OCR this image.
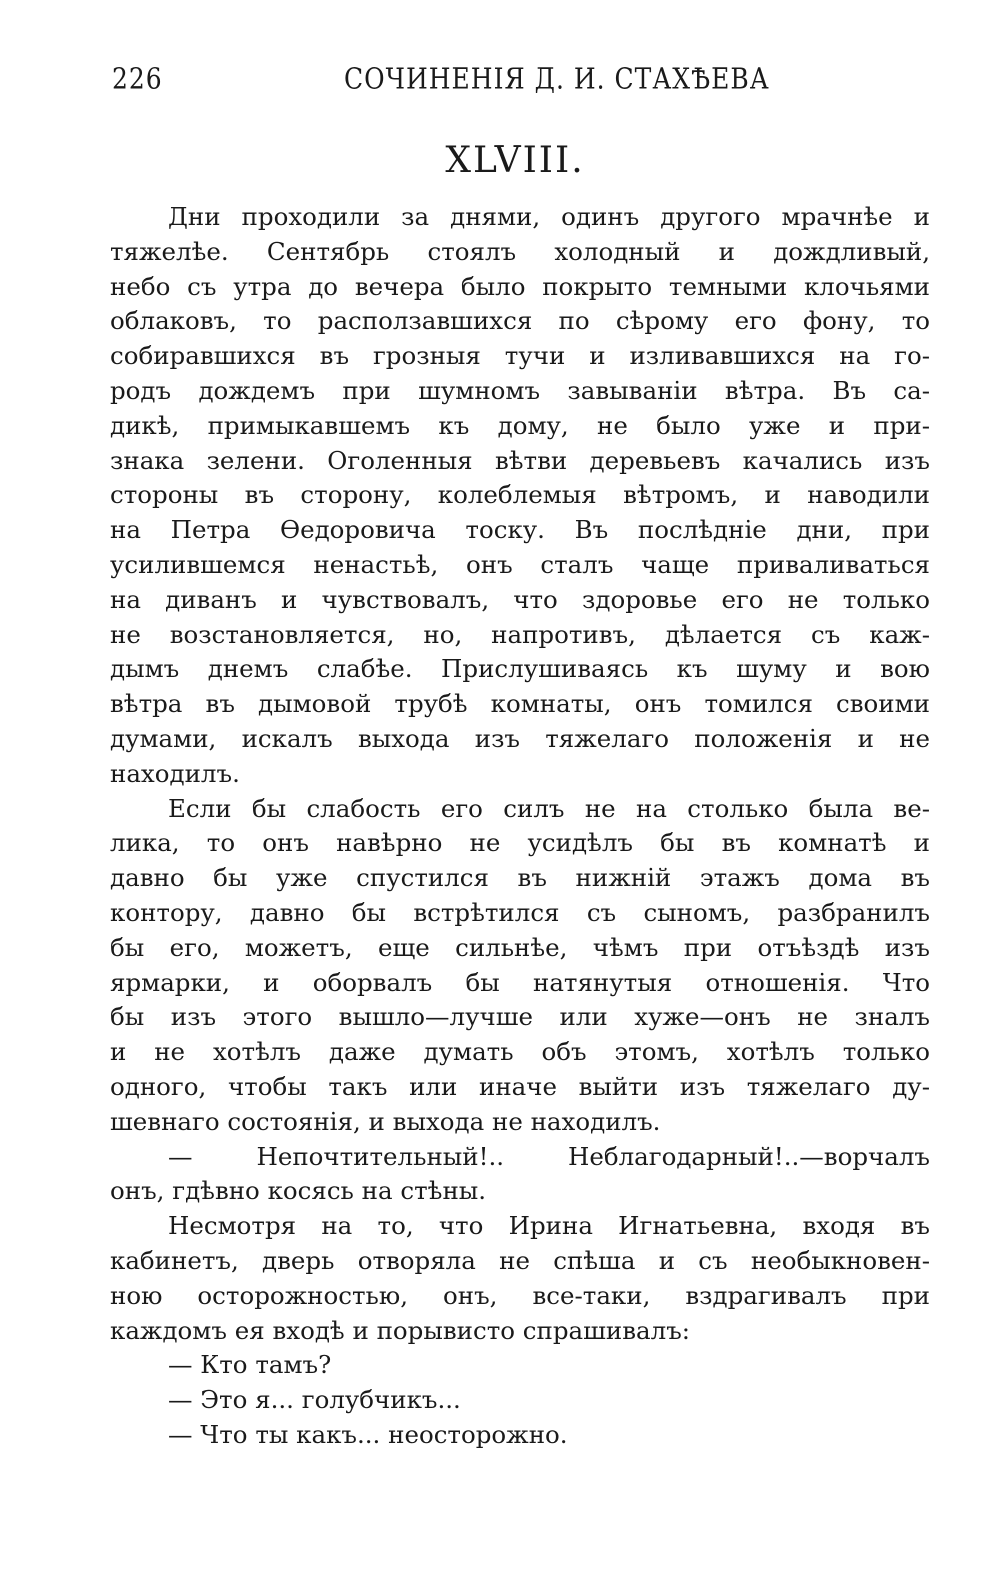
226	СОЧИНЕНІЯ Д. И. СТАХѢЕВА
XLVIII.
Дни проходили за днями, одинъ другого мрачнѣе и
тяжелѣе. Сентябрь стоялъ холодный и дождливый,
небо съ утра до вечера было покрыто темными клочьями
облаковъ, то расползавшихся по сѣрому его фону, то
собиравшихся въ грозныя тучи и изливавшихся на го-
родъ дождемъ при шумномъ завываніи вѣтра. Въ са-
дикѣ, примыкавшемъ къ дому, не было уже и при-
знака зелени. Оголенныя вѣтви деревьевъ качались изъ
стороны въ сторону, колеблемыя вѣтромъ, и наводили
на Петра Өедоровича тоску. Въ послѣдніе дни, при
усилившемся ненастьѣ, онъ сталъ чаще приваливаться
на диванъ и чувствовалъ, что здоровье его не только
не возстановляется, но, напротивъ, дѣлается съ каж-
дымъ днемъ слабѣе. Прислушиваясь къ шуму и вою
вѣтра въ дымовой трубѣ комнаты, онъ томился своими
думами, искалъ выхода изъ тяжелаго положенія и не
находилъ.
Если бы слабость его силъ не на столько была ве-
лика, то онъ навѣрно не усидѣлъ бы въ комнатѣ и
давно бы уже спустился въ нижній этажъ дома въ
контору, давно бы встрѣтился съ сыномъ, разбранилъ
бы его, можетъ, еще сильнѣе, чѣмъ при отъѣздѣ изъ
ярмарки, и оборвалъ бы натянутыя отношенія. Что
бы изъ этого вышло—лучше или хуже—онъ не зналъ
и не хотѣлъ даже думать объ этомъ, хотѣлъ только
одного, чтобы такъ или иначе выйти изъ тяжелаго ду-
шевнаго состоянія, и выхода не находилъ.
— Непочтительный!.. Неблагодарный!..—ворчалъ
онъ, гдѣвно косясь на стѣны.
Несмотря на то, что Ирина Игнатьевна, входя въ
кабинетъ, дверь отворяла не спѣша и съ необыкновен-
ною осторожностью, онъ, все-таки, вздрагивалъ при
каждомъ ея входѣ и порывисто спрашивалъ:
— Кто тамъ?
— Это я... голубчикъ...
— Что ты какъ... неосторожно.
